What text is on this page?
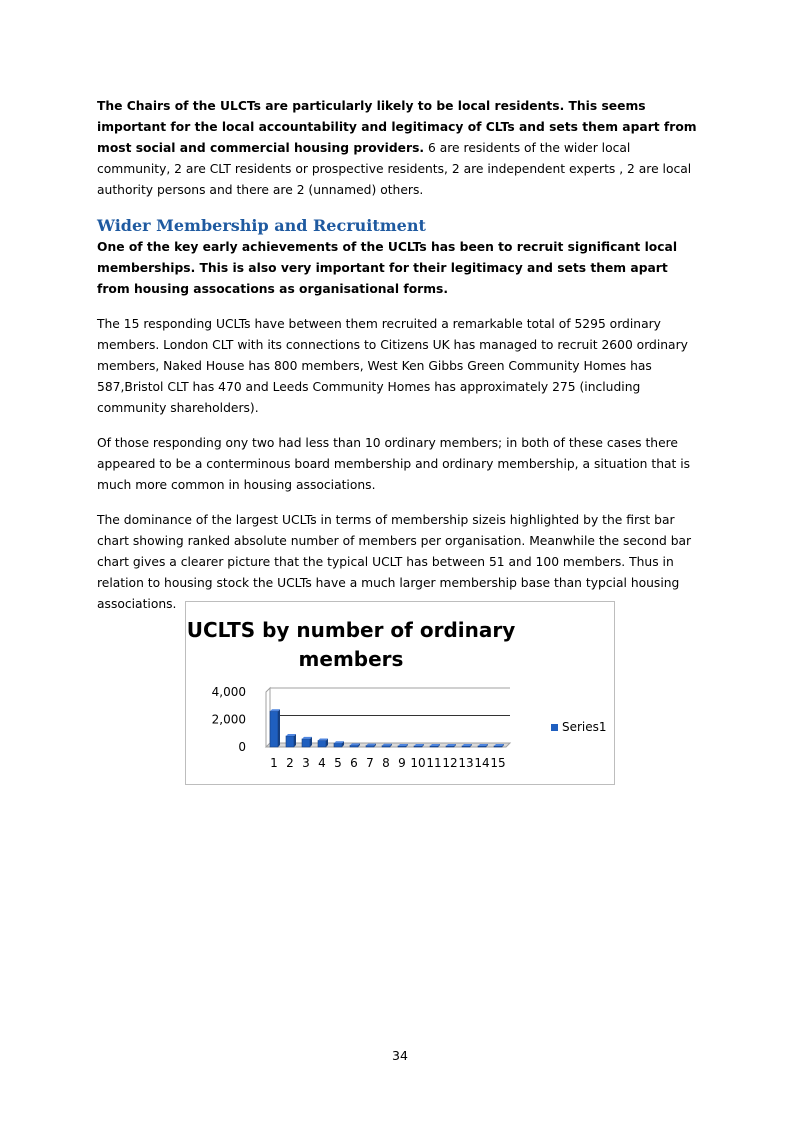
The Chairs of the ULCTs are particularly likely to be local residents. This seems important for the local accountability and legitimacy of CLTs and sets them apart from most social and commercial housing providers. 6 are residents of the wider local community, 2 are CLT residents or prospective residents, 2 are independent experts , 2 are local authority persons and there are 2 (unnamed) others.

Wider Membership and Recruitment

One of the key early achievements of the UCLTs has been to recruit significant local memberships. This is also very important for their legitimacy and sets them apart from housing assocations as organisational forms.

The 15 responding UCLTs have between them recruited a remarkable total of 5295 ordinary members. London CLT with its connections to Citizens UK has managed to recruit 2600 ordinary members, Naked House has 800 members, West Ken Gibbs Green Community Homes has 587,Bristol CLT has 470 and Leeds Community Homes has approximately 275 (including community shareholders).

Of those responding ony two had less than 10 ordinary members; in both of these cases there appeared to be a conterminous board membership and ordinary membership, a situation that is much more common in housing associations.

The dominance of the largest UCLTs in terms of membership sizeis highlighted by the first bar chart showing ranked absolute number of members per organisation. Meanwhile the second bar chart gives a clearer picture that the typical UCLT has between 51 and 100 members. Thus in relation to housing stock the UCLTs have a much larger membership base than typcial housing associations.

UCLTS by number of ordinary
members
4,000
2,000
0
1 2 3 4 5 6 7 8 9 10 11 12 13 14 15
Series1
34
